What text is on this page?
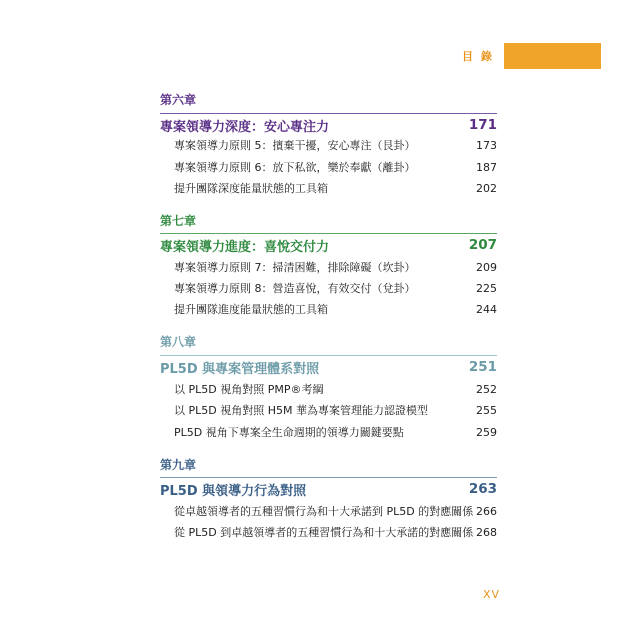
目 錄
第六章
專案領導力深度：安心專注力	171
專案領導力原則 5：擯棄干擾，安心專注（艮卦）	173
專案領導力原則 6：放下私欲，樂於奉獻（離卦）	187
提升團隊深度能量狀態的工具箱	202
第七章
專案領導力進度：喜悅交付力	207
專案領導力原則 7：掃清困難，排除障礙（坎卦）	209
專案領導力原則 8：營造喜悅，有效交付（兌卦）	225
提升團隊進度能量狀態的工具箱	244
第八章
PL5D 與專案管理體系對照	251
以 PL5D 視角對照 PMP®考綱	252
以 PL5D 視角對照 H5M 華為專案管理能力認證模型	255
PL5D 視角下專案全生命週期的領導力關鍵要點	259
第九章
PL5D 與領導力行為對照	263
從卓越領導者的五種習慣行為和十大承諾到 PL5D 的對應關係 266
從 PL5D 到卓越領導者的五種習慣行為和十大承諾的對應關係 268
XV
